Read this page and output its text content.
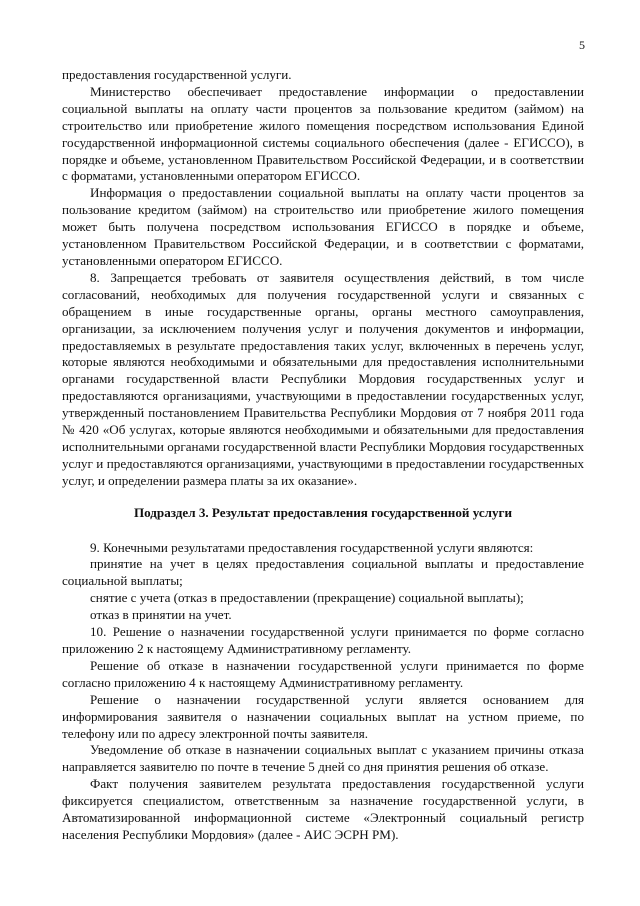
5

предоставления государственной услуги.

Министерство обеспечивает предоставление информации о предоставлении социальной выплаты на оплату части процентов за пользование кредитом (займом) на строительство или приобретение жилого помещения посредством использования Единой государственной информационной системы социального обеспечения (далее - ЕГИССО), в порядке и объеме, установленном Правительством Российской Федерации, и в соответствии с форматами, установленными оператором ЕГИССО.

Информация о предоставлении социальной выплаты на оплату части процентов за пользование кредитом (займом) на строительство или приобретение жилого помещения может быть получена посредством использования ЕГИССО в порядке и объеме, установленном Правительством Российской Федерации, и в соответствии с форматами, установленными оператором ЕГИССО.

8. Запрещается требовать от заявителя осуществления действий, в том числе согласований, необходимых для получения государственной услуги и связанных с обращением в иные государственные органы, органы местного самоуправления, организации, за исключением получения услуг и получения документов и информации, предоставляемых в результате предоставления таких услуг, включенных в перечень услуг, которые являются необходимыми и обязательными для предоставления исполнительными органами государственной власти Республики Мордовия государственных услуг и предоставляются организациями, участвующими в предоставлении государственных услуг, утвержденный постановлением Правительства Республики Мордовия от 7 ноября 2011 года № 420 «Об услугах, которые являются необходимыми и обязательными для предоставления исполнительными органами государственной власти Республики Мордовия государственных услуг и предоставляются организациями, участвующими в предоставлении государственных услуг, и определении размера платы за их оказание».

Подраздел 3. Результат предоставления государственной услуги

9. Конечными результатами предоставления государственной услуги являются:

принятие на учет в целях предоставления социальной выплаты и предоставление социальной выплаты;

снятие с учета (отказ в предоставлении (прекращение) социальной выплаты);

отказ в принятии на учет.

10. Решение о назначении государственной услуги принимается по форме согласно приложению 2 к настоящему Административному регламенту.

Решение об отказе в назначении государственной услуги принимается по форме согласно приложению 4 к настоящему Административному регламенту.

Решение о назначении государственной услуги является основанием для информирования заявителя о назначении социальных выплат на устном приеме, по телефону или по адресу электронной почты заявителя.

Уведомление об отказе в назначении социальных выплат с указанием причины отказа направляется заявителю по почте в течение 5 дней со дня принятия решения об отказе.

Факт получения заявителем результата предоставления государственной услуги фиксируется специалистом, ответственным за назначение государственной услуги, в Автоматизированной информационной системе «Электронный социальный регистр населения Республики Мордовия» (далее - АИС ЭСРН РМ).
